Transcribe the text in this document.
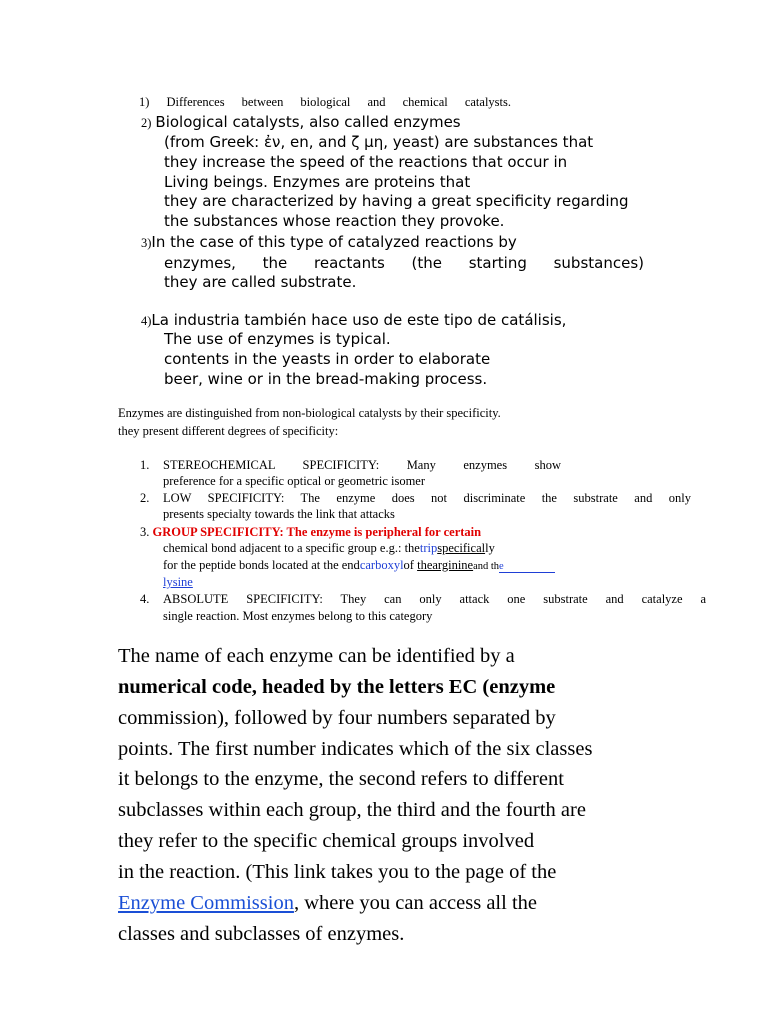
1) Differences between biological and chemical catalysts.
2) Biological catalysts, also called enzymes
(from Greek: ἐν, en, and ζ μη, yeast) are substances that
they increase the speed of the reactions that occur in
Living beings. Enzymes are proteins that
they are characterized by having a great specificity regarding
the substances whose reaction they provoke.
3)In the case of this type of catalyzed reactions by
enzymes, the reactants (the starting substances)
they are called substrate.
4)La industria también hace uso de este tipo de catálisis,
The use of enzymes is typical.
contents in the yeasts in order to elaborate
beer, wine or in the bread-making process.
Enzymes are distinguished from non-biological catalysts by their specificity.
they present different degrees of specificity:
1. STEREOCHEMICAL SPECIFICITY: Many enzymes show
preference for a specific optical or geometric isomer
2. LOW SPECIFICITY: The enzyme does not discriminate the substrate and only
presents specialty towards the link that attacks
3. GROUP SPECIFICITY: The enzyme is peripheral for certain
chemical bond adjacent to a specific group e.g.: thetripspecifically
for the peptide bonds located at the endcarboxylof thearginineand the
lysine
4. ABSOLUTE SPECIFICITY: They can only attack one substrate and catalyze a
single reaction. Most enzymes belong to this category
The name of each enzyme can be identified by a
numerical code, headed by the letters EC (enzyme
commission), followed by four numbers separated by
points. The first number indicates which of the six classes
it belongs to the enzyme, the second refers to different
subclasses within each group, the third and the fourth are
they refer to the specific chemical groups involved
in the reaction. (This link takes you to the page of the
Enzyme Commission, where you can access all the
classes and subclasses of enzymes.
